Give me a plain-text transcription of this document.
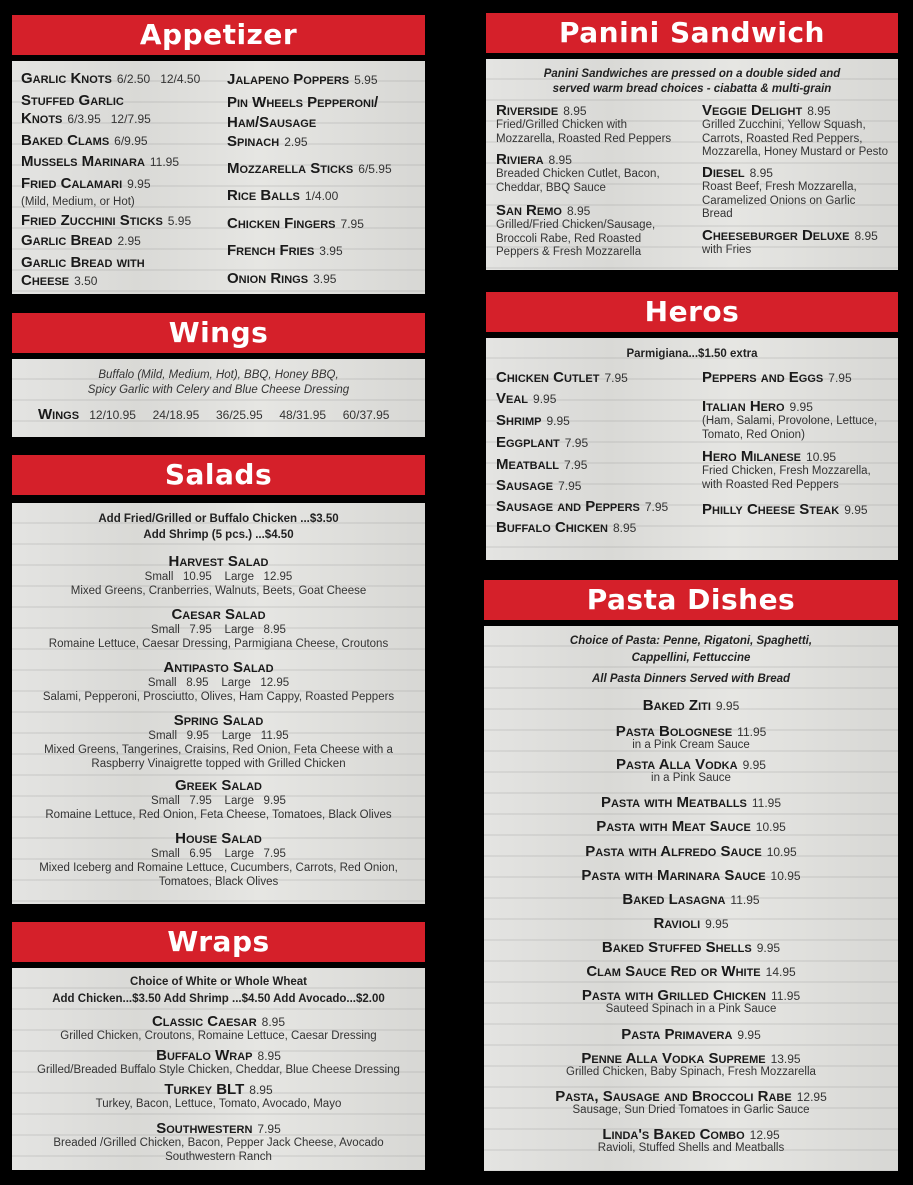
Appetizer
Garlic Knots 6/2.50   12/4.50
Stuffed Garlic
Knots 6/3.95   12/7.95
Baked Clams 6/9.95
Mussels Marinara 11.95
Fried Calamari 9.95
(Mild, Medium, or Hot)
Fried Zucchini Sticks 5.95
Garlic Bread 2.95
Garlic Bread with
Cheese 3.50
Jalapeno Poppers 5.95
Pin Wheels Pepperoni/
Ham/Sausage
Spinach 2.95
Mozzarella Sticks 6/5.95
Rice Balls 1/4.00
Chicken Fingers 7.95
French Fries 3.95
Onion Rings 3.95
Wings
Buffalo (Mild, Medium, Hot), BBQ, Honey BBQ,
Spicy Garlic with Celery and Blue Cheese Dressing
Wings 12/10.95     24/18.95     36/25.95     48/31.95     60/37.95
Salads
Add Fried/Grilled or Buffalo Chicken ...$3.50
Add Shrimp (5 pcs.) ...$4.50
Harvest Salad
Small   10.95    Large   12.95
Mixed Greens, Cranberries, Walnuts, Beets, Goat Cheese
Caesar Salad
Small   7.95    Large   8.95
Romaine Lettuce, Caesar Dressing, Parmigiana Cheese, Croutons
Antipasto Salad
Small   8.95    Large   12.95
Salami, Pepperoni, Prosciutto, Olives, Ham Cappy, Roasted Peppers
Spring Salad
Small   9.95    Large   11.95
Mixed Greens, Tangerines, Craisins, Red Onion, Feta Cheese with a
Raspberry Vinaigrette topped with Grilled Chicken
Greek Salad
Small   7.95    Large   9.95
Romaine Lettuce, Red Onion, Feta Cheese, Tomatoes, Black Olives
House Salad
Small   6.95    Large   7.95
Mixed Iceberg and Romaine Lettuce, Cucumbers, Carrots, Red Onion,
Tomatoes, Black Olives
Wraps
Choice of White or Whole Wheat
Add Chicken...$3.50 Add Shrimp ...$4.50 Add Avocado...$2.00
Classic Caesar 8.95
Grilled Chicken, Croutons, Romaine Lettuce, Caesar Dressing
Buffalo Wrap 8.95
Grilled/Breaded Buffalo Style Chicken, Cheddar, Blue Cheese Dressing
Turkey BLT 8.95
Turkey, Bacon, Lettuce, Tomato, Avocado, Mayo
Southwestern 7.95
Breaded /Grilled Chicken, Bacon, Pepper Jack Cheese, Avocado
Southwestern Ranch
Panini Sandwich
Panini Sandwiches are pressed on a double sided and
served warm bread choices - ciabatta & multi-grain
Riverside 8.95
Fried/Grilled Chicken with
Mozzarella, Roasted Red Peppers
Riviera 8.95
Breaded Chicken Cutlet, Bacon,
Cheddar, BBQ Sauce
San Remo 8.95
Grilled/Fried Chicken/Sausage,
Broccoli Rabe, Red Roasted
Peppers & Fresh Mozzarella
Veggie Delight 8.95
Grilled Zucchini, Yellow Squash,
Carrots, Roasted Red Peppers,
Mozzarella, Honey Mustard or Pesto
Diesel 8.95
Roast Beef, Fresh Mozzarella,
Caramelized Onions on Garlic
Bread
Cheeseburger Deluxe 8.95
with Fries
Heros
Parmigiana...$1.50 extra
Chicken Cutlet 7.95
Veal 9.95
Shrimp 9.95
Eggplant 7.95
Meatball 7.95
Sausage 7.95
Sausage and Peppers 7.95
Buffalo Chicken 8.95
Peppers and Eggs 7.95
Italian Hero 9.95
(Ham, Salami, Provolone, Lettuce,
Tomato, Red Onion)
Hero Milanese 10.95
Fried Chicken, Fresh Mozzarella,
with Roasted Red Peppers
Philly Cheese Steak 9.95
Pasta Dishes
Choice of Pasta: Penne, Rigatoni, Spaghetti,
Cappellini, Fettuccine
All Pasta Dinners Served with Bread
Baked Ziti 9.95
Pasta Bolognese 11.95
in a Pink Cream Sauce
Pasta Alla Vodka 9.95
in a Pink Sauce
Pasta with Meatballs 11.95
Pasta with Meat Sauce 10.95
Pasta with Alfredo Sauce 10.95
Pasta with Marinara Sauce 10.95
Baked Lasagna 11.95
Ravioli 9.95
Baked Stuffed Shells 9.95
Clam Sauce Red or White 14.95
Pasta with Grilled Chicken 11.95
Sauteed Spinach in a Pink Sauce
Pasta Primavera 9.95
Penne Alla Vodka Supreme 13.95
Grilled Chicken, Baby Spinach, Fresh Mozzarella
Pasta, Sausage and Broccoli Rabe 12.95
Sausage, Sun Dried Tomatoes in Garlic Sauce
Linda's Baked Combo 12.95
Ravioli, Stuffed Shells and Meatballs
